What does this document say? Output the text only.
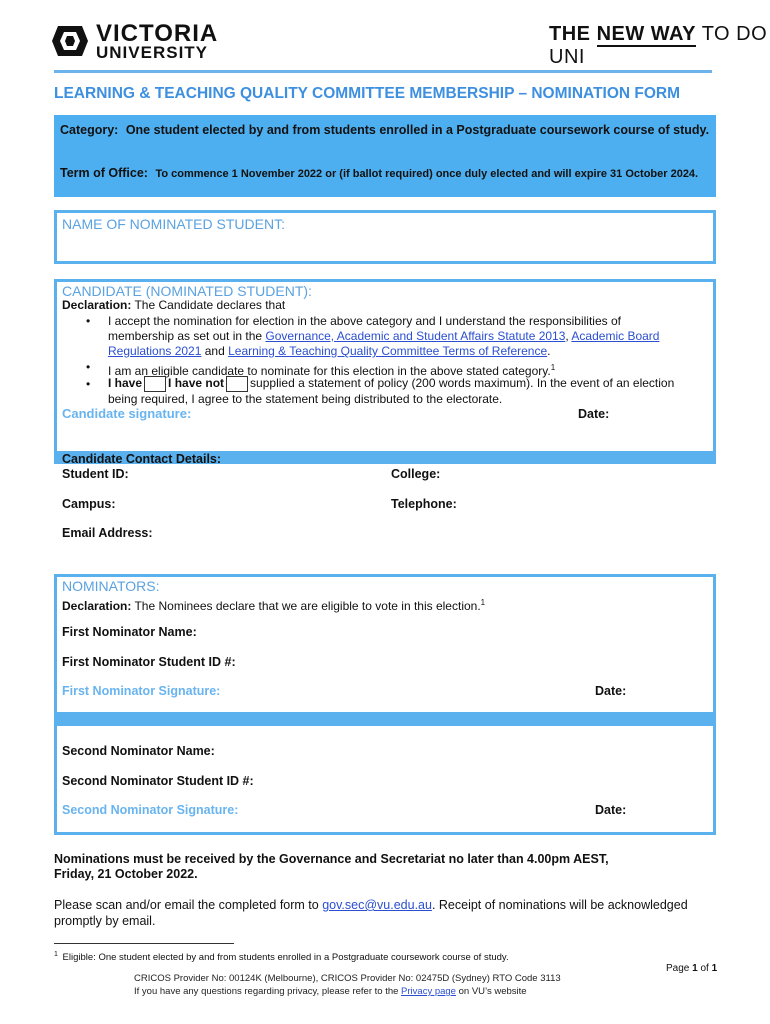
VICTORIA
UNIVERSITY
THE NEW WAY TO DO UNI
LEARNING & TEACHING QUALITY COMMITTEE MEMBERSHIP – NOMINATION FORM
Category: One student elected by and from students enrolled in a Postgraduate coursework course of study.
Term of Office: To commence 1 November 2022 or (if ballot required) once duly elected and will expire 31 October 2024.
NAME OF NOMINATED STUDENT:
CANDIDATE (NOMINATED STUDENT):
Declaration: The Candidate declares that
• I accept the nomination for election in the above category and I understand the responsibilities of
membership as set out in the Governance, Academic and Student Affairs Statute 2013, Academic Board
Regulations 2021 and Learning & Teaching Quality Committee Terms of Reference.
• I am an eligible candidate to nominate for this election in the above stated category.$^1$
• I have I have not supplied a statement of policy (200 words maximum). In the event of an election
being required, I agree to the statement being distributed to the electorate.
Candidate signature:	Date:
Candidate Contact Details:
Student ID:	College:
Campus:	Telephone:
Email Address:
NOMINATORS:
Declaration: The Nominees declare that we are eligible to vote in this election.$^1$
First Nominator Name:
First Nominator Student ID #:
First Nominator Signature:	Date:
Second Nominator Name:
Second Nominator Student ID #:
Second Nominator Signature:	Date:
Nominations must be received by the Governance and Secretariat no later than 4.00pm AEST,
Friday, 21 October 2022.
Please scan and/or email the completed form to gov.sec@vu.edu.au. Receipt of nominations will be acknowledged
promptly by email.
$^1$ Eligible: One student elected by and from students enrolled in a Postgraduate coursework course of study.
Page 1 of 1
CRICOS Provider No: 00124K (Melbourne), CRICOS Provider No: 02475D (Sydney) RTO Code 3113
If you have any questions regarding privacy, please refer to the Privacy page on VU’s website
